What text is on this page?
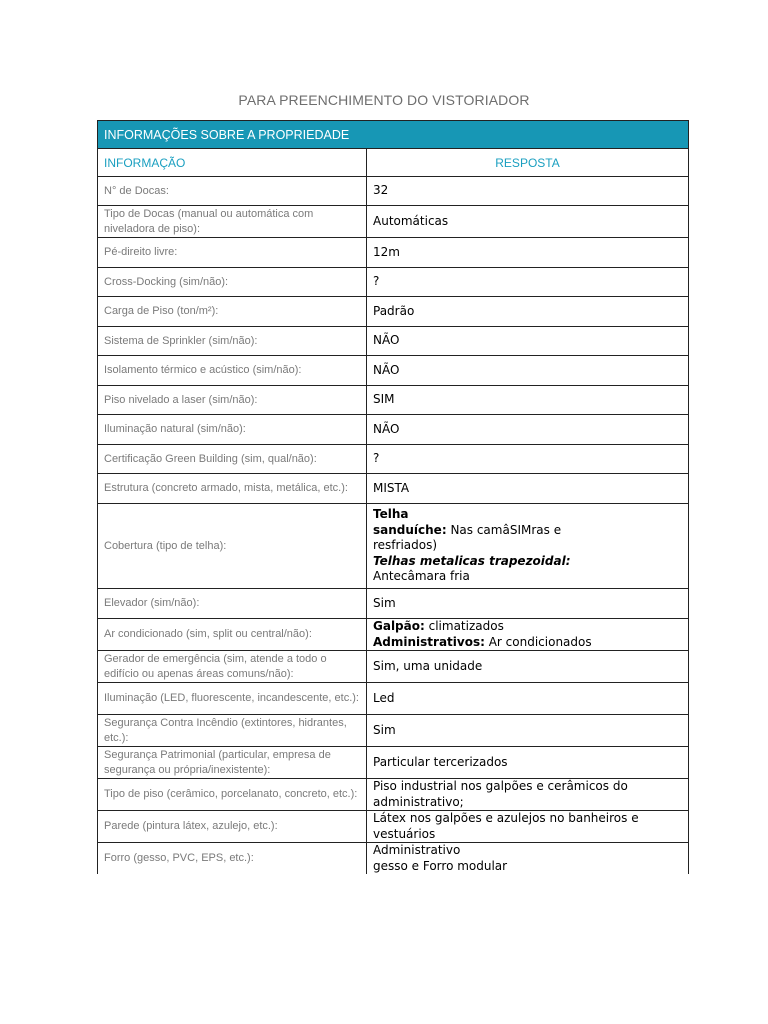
PARA PREENCHIMENTO DO VISTORIADOR
INFORMAÇÕES SOBRE A PROPRIEDADE	
INFORMAÇÃO	RESPOSTA
N° de Docas:	32
Tipo de Docas (manual ou automática com niveladora de piso):	Automáticas
Pé-direito livre:	12m
Cross-Docking (sim/não):	?
Carga de Piso (ton/m²):	Padrão
Sistema de Sprinkler (sim/não):	NÃO
Isolamento térmico e acústico (sim/não):	NÃO
Piso nivelado a laser (sim/não):	SIM
Iluminação natural (sim/não):	NÃO
Certificação Green Building (sim, qual/não):	?
Estrutura (concreto armado, mista, metálica, etc.):	MISTA
Cobertura (tipo de telha):	Telha
sanduíche: Nas camâSIMras e
resfriados)
Telhas metalicas trapezoidal:
Antecâmara fria

Elevador (sim/não):	Sim
Ar condicionado (sim, split ou central/não):	Galpão: climatizados
Administrativos: Ar condicionados

Gerador de emergência (sim, atende a todo o edifício ou apenas áreas comuns/não):	Sim, uma unidade
Iluminação (LED, fluorescente, incandescente, etc.):	Led
Segurança Contra Incêndio (extintores, hidrantes, etc.):	Sim
Segurança Patrimonial (particular, empresa de segurança ou própria/inexistente):	Particular tercerizados
Tipo de piso (cerâmico, porcelanato, concreto, etc.):	Piso industrial nos galpões e cerâmicos do administrativo;
Parede (pintura látex, azulejo, etc.):	Látex nos galpões e azulejos no banheiros e vestuários
Forro (gesso, PVC, EPS, etc.):	Administrativo
gesso e Forro modular
